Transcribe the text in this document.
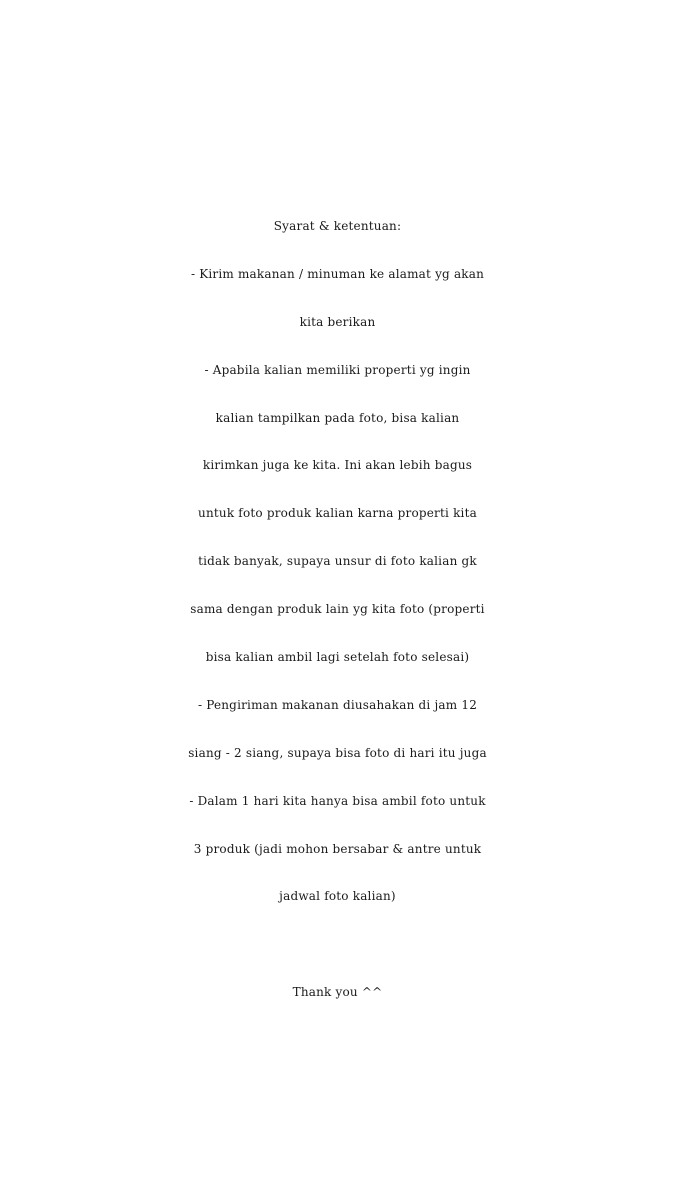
Syarat & ketentuan:
- Kirim makanan / minuman ke alamat yg akan
kita berikan
- Apabila kalian memiliki properti yg ingin
kalian tampilkan pada foto, bisa kalian
kirimkan juga ke kita. Ini akan lebih bagus
untuk foto produk kalian karna properti kita
tidak banyak, supaya unsur di foto kalian gk
sama dengan produk lain yg kita foto (properti
bisa kalian ambil lagi setelah foto selesai)
- Pengiriman makanan diusahakan di jam 12
siang - 2 siang, supaya bisa foto di hari itu juga
- Dalam 1 hari kita hanya bisa ambil foto untuk
3 produk (jadi mohon bersabar & antre untuk
jadwal foto kalian)
Thank you ^^
